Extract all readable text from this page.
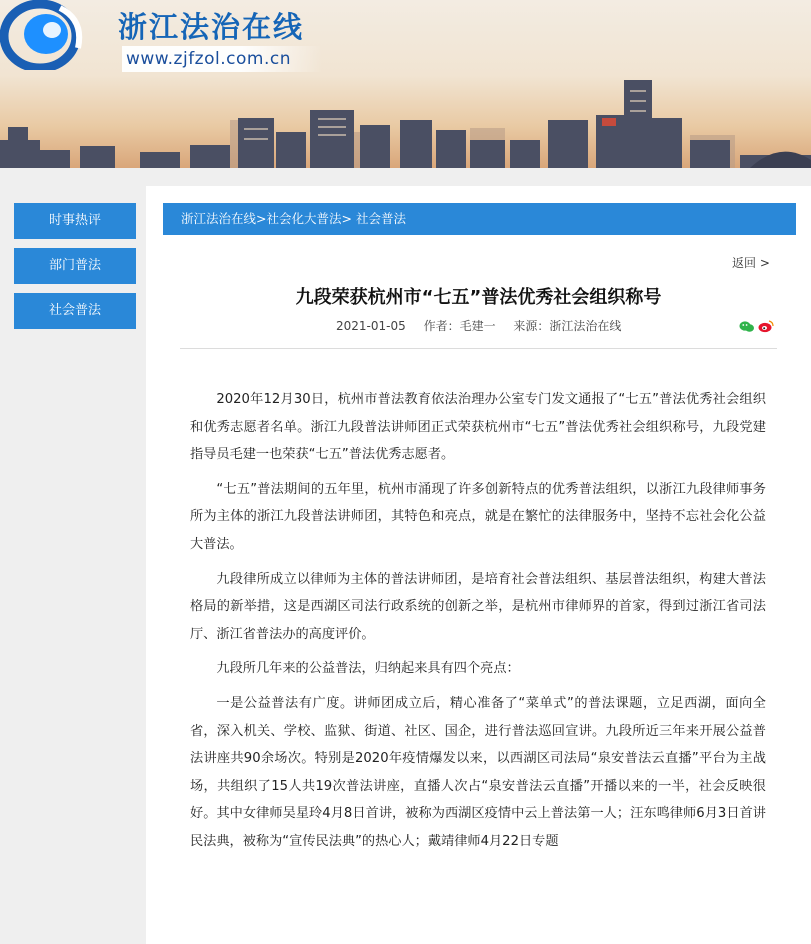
浙江法治在线
www.zjfzol.com.cn
时事热评
部门普法
社会普法
浙江法治在线>社会化大普法> 社会普法
返回 >
九段荣获杭州市“七五”普法优秀社会组织称号
2021-01-05 作者：毛建一 来源：浙江法治在线

2020年12月30日，杭州市普法教育依法治理办公室专门发文通报了“七五”普法优秀社会组织和优秀志愿者名单。浙江九段普法讲师团正式荣获杭州市“七五”普法优秀社会组织称号，九段党建指导员毛建一也荣获“七五”普法优秀志愿者。

“七五”普法期间的五年里，杭州市涌现了许多创新特点的优秀普法组织，以浙江九段律师事务所为主体的浙江九段普法讲师团，其特色和亮点，就是在繁忙的法律服务中，坚持不忘社会化公益大普法。

九段律所成立以律师为主体的普法讲师团，是培育社会普法组织、基层普法组织，构建大普法格局的新举措，这是西湖区司法行政系统的创新之举，是杭州市律师界的首家，得到过浙江省司法厅、浙江省普法办的高度评价。

九段所几年来的公益普法，归纳起来具有四个亮点：

一是公益普法有广度。讲师团成立后，精心准备了“菜单式”的普法课题，立足西湖，面向全省，深入机关、学校、监狱、街道、社区、国企，进行普法巡回宣讲。九段所近三年来开展公益普法讲座共90余场次。特别是2020年疫情爆发以来，以西湖区司法局“泉安普法云直播”平台为主战场，共组织了15人共19次普法讲座，直播人次占“泉安普法云直播”开播以来的一半，社会反映很好。其中女律师吴星玲4月8日首讲，被称为西湖区疫情中云上普法第一人；汪东鸣律师6月3日首讲民法典，被称为“宣传民法典”的热心人；戴靖律师4月22日专题
